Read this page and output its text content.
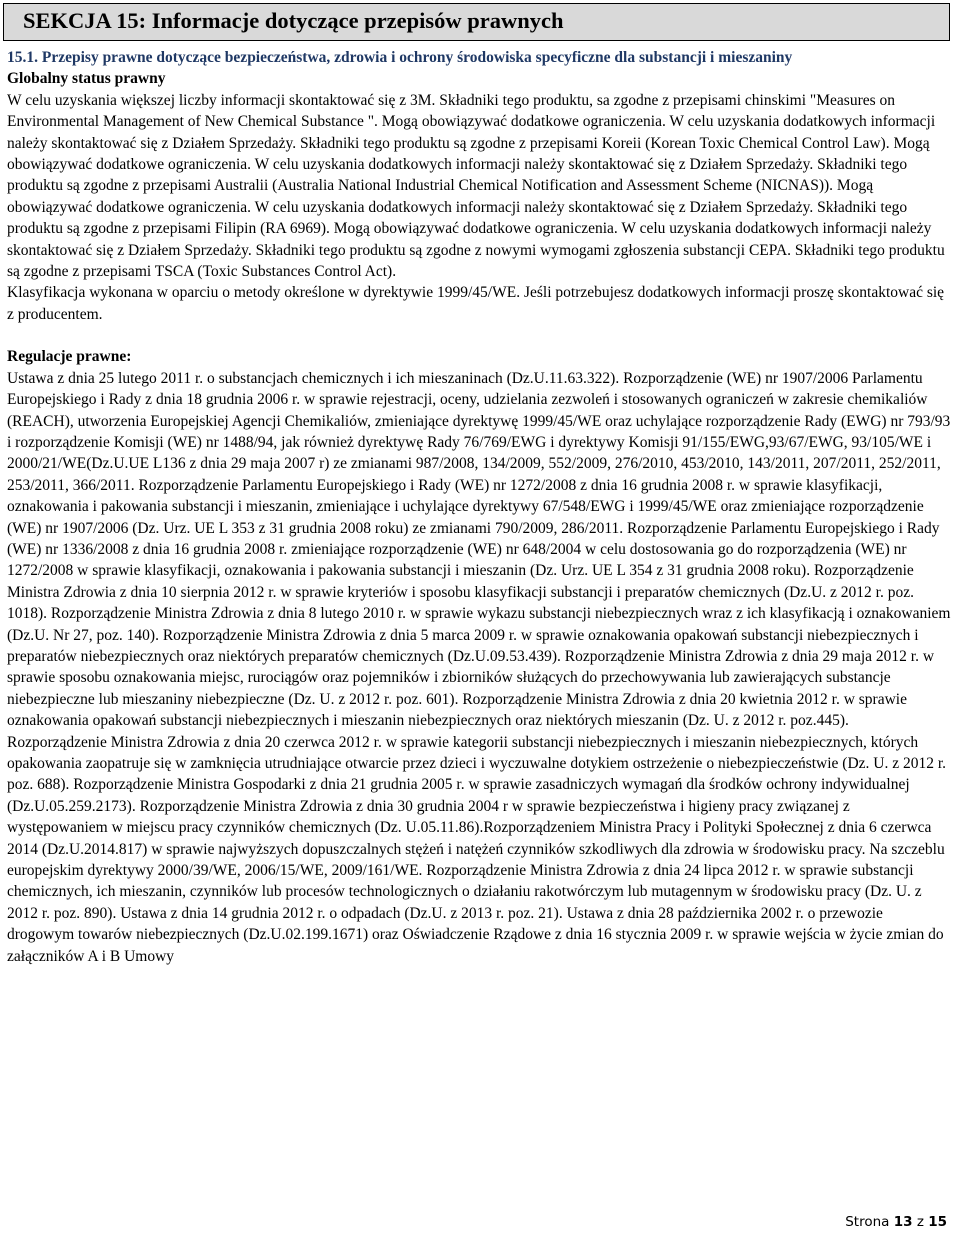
SEKCJA 15: Informacje dotyczące przepisów prawnych

15.1. Przepisy prawne dotyczące bezpieczeństwa, zdrowia i ochrony środowiska specyficzne dla substancji i mieszaniny

Globalny status prawny

W celu uzyskania większej liczby informacji skontaktować się z 3M. Składniki tego produktu, sa zgodne z przepisami chinskimi "Measures on Environmental Management of New Chemical Substance ". Mogą obowiązywać dodatkowe ograniczenia. W celu uzyskania dodatkowych informacji należy skontaktować się z Działem Sprzedaży. Składniki tego produktu są zgodne z przepisami Koreii (Korean Toxic Chemical Control Law). Mogą obowiązywać dodatkowe ograniczenia. W celu uzyskania dodatkowych informacji należy skontaktować się z Działem Sprzedaży. Składniki tego produktu są zgodne z przepisami Australii (Australia National Industrial Chemical Notification and Assessment Scheme (NICNAS)). Mogą obowiązywać dodatkowe ograniczenia. W celu uzyskania dodatkowych informacji należy skontaktować się z Działem Sprzedaży. Składniki tego produktu są zgodne z przepisami Filipin (RA 6969). Mogą obowiązywać dodatkowe ograniczenia. W celu uzyskania dodatkowych informacji należy skontaktować się z Działem Sprzedaży. Składniki tego produktu są zgodne z nowymi wymogami zgłoszenia substancji CEPA. Składniki tego produktu są zgodne z przepisami TSCA (Toxic Substances Control Act).

Klasyfikacja wykonana w oparciu o metody określone w dyrektywie 1999/45/WE. Jeśli potrzebujesz dodatkowych informacji proszę skontaktować się z producentem.

Regulacje prawne:

Ustawa z dnia 25 lutego 2011 r. o substancjach chemicznych i ich mieszaninach (Dz.U.11.63.322). Rozporządzenie (WE) nr 1907/2006 Parlamentu Europejskiego i Rady z dnia 18 grudnia 2006 r. w sprawie rejestracji, oceny, udzielania zezwoleń i stosowanych ograniczeń w zakresie chemikaliów (REACH), utworzenia Europejskiej Agencji Chemikaliów, zmieniające dyrektywę 1999/45/WE oraz uchylające rozporządzenie Rady (EWG) nr 793/93 i rozporządzenie Komisji (WE) nr 1488/94, jak również dyrektywę Rady 76/769/EWG i dyrektywy Komisji 91/155/EWG,93/67/EWG, 93/105/WE i 2000/21/WE(Dz.U.UE L136 z dnia 29 maja 2007 r) ze zmianami 987/2008, 134/2009, 552/2009, 276/2010, 453/2010, 143/2011, 207/2011, 252/2011, 253/2011, 366/2011. Rozporządzenie Parlamentu Europejskiego i Rady (WE) nr 1272/2008 z dnia 16 grudnia 2008 r. w sprawie klasyfikacji, oznakowania i pakowania substancji i mieszanin, zmieniające i uchylające dyrektywy 67/548/EWG i 1999/45/WE oraz zmieniające rozporządzenie (WE) nr 1907/2006 (Dz. Urz. UE L 353 z 31 grudnia 2008 roku) ze zmianami 790/2009, 286/2011. Rozporządzenie Parlamentu Europejskiego i Rady (WE) nr 1336/2008 z dnia 16 grudnia 2008 r. zmieniające rozporządzenie (WE) nr 648/2004 w celu dostosowania go do rozporządzenia (WE) nr 1272/2008 w sprawie klasyfikacji, oznakowania i pakowania substancji i mieszanin (Dz. Urz. UE L 354 z 31 grudnia 2008 roku). Rozporządzenie Ministra Zdrowia z dnia 10 sierpnia 2012 r. w sprawie kryteriów i sposobu klasyfikacji substancji i preparatów chemicznych (Dz.U. z 2012 r. poz. 1018). Rozporządzenie Ministra Zdrowia z dnia 8 lutego 2010 r. w sprawie wykazu substancji niebezpiecznych wraz z ich klasyfikacją i oznakowaniem (Dz.U. Nr 27, poz. 140). Rozporządzenie Ministra Zdrowia z dnia 5 marca 2009 r. w sprawie oznakowania opakowań substancji niebezpiecznych i preparatów niebezpiecznych oraz niektórych preparatów chemicznych (Dz.U.09.53.439). Rozporządzenie Ministra Zdrowia z dnia 29 maja 2012 r. w sprawie sposobu oznakowania miejsc, rurociągów oraz pojemników i zbiorników służących do przechowywania lub zawierających substancje niebezpieczne lub mieszaniny niebezpieczne (Dz. U. z 2012 r. poz. 601). Rozporządzenie Ministra Zdrowia z dnia 20 kwietnia 2012 r. w sprawie oznakowania opakowań substancji niebezpiecznych i mieszanin niebezpiecznych oraz niektórych mieszanin (Dz. U. z 2012 r. poz.445). Rozporządzenie Ministra Zdrowia z dnia 20 czerwca 2012 r. w sprawie kategorii substancji niebezpiecznych i mieszanin niebezpiecznych, których opakowania zaopatruje się w zamknięcia utrudniające otwarcie przez dzieci i wyczuwalne dotykiem ostrzeżenie o niebezpieczeństwie (Dz. U. z 2012 r. poz. 688). Rozporządzenie Ministra Gospodarki z dnia 21 grudnia 2005 r. w sprawie zasadniczych wymagań dla środków ochrony indywidualnej (Dz.U.05.259.2173). Rozporządzenie Ministra Zdrowia z dnia 30 grudnia 2004 r w sprawie bezpieczeństwa i higieny pracy związanej z występowaniem w miejscu pracy czynników chemicznych (Dz. U.05.11.86).Rozporządzeniem Ministra Pracy i Polityki Społecznej z dnia 6 czerwca 2014 (Dz.U.2014.817) w sprawie najwyższych dopuszczalnych stężeń i natężeń czynników szkodliwych dla zdrowia w środowisku pracy. Na szczeblu europejskim dyrektywy 2000/39/WE, 2006/15/WE, 2009/161/WE. Rozporządzenie Ministra Zdrowia z dnia 24 lipca 2012 r. w sprawie substancji chemicznych, ich mieszanin, czynników lub procesów technologicznych o działaniu rakotwórczym lub mutagennym w środowisku pracy (Dz. U. z 2012 r. poz. 890). Ustawa z dnia 14 grudnia 2012 r. o odpadach (Dz.U. z 2013 r. poz. 21). Ustawa z dnia 28 października 2002 r. o przewozie drogowym towarów niebezpiecznych (Dz.U.02.199.1671) oraz Oświadczenie Rządowe z dnia 16 stycznia 2009 r. w sprawie wejścia w życie zmian do załączników A i B Umowy

Strona 13 z 15
